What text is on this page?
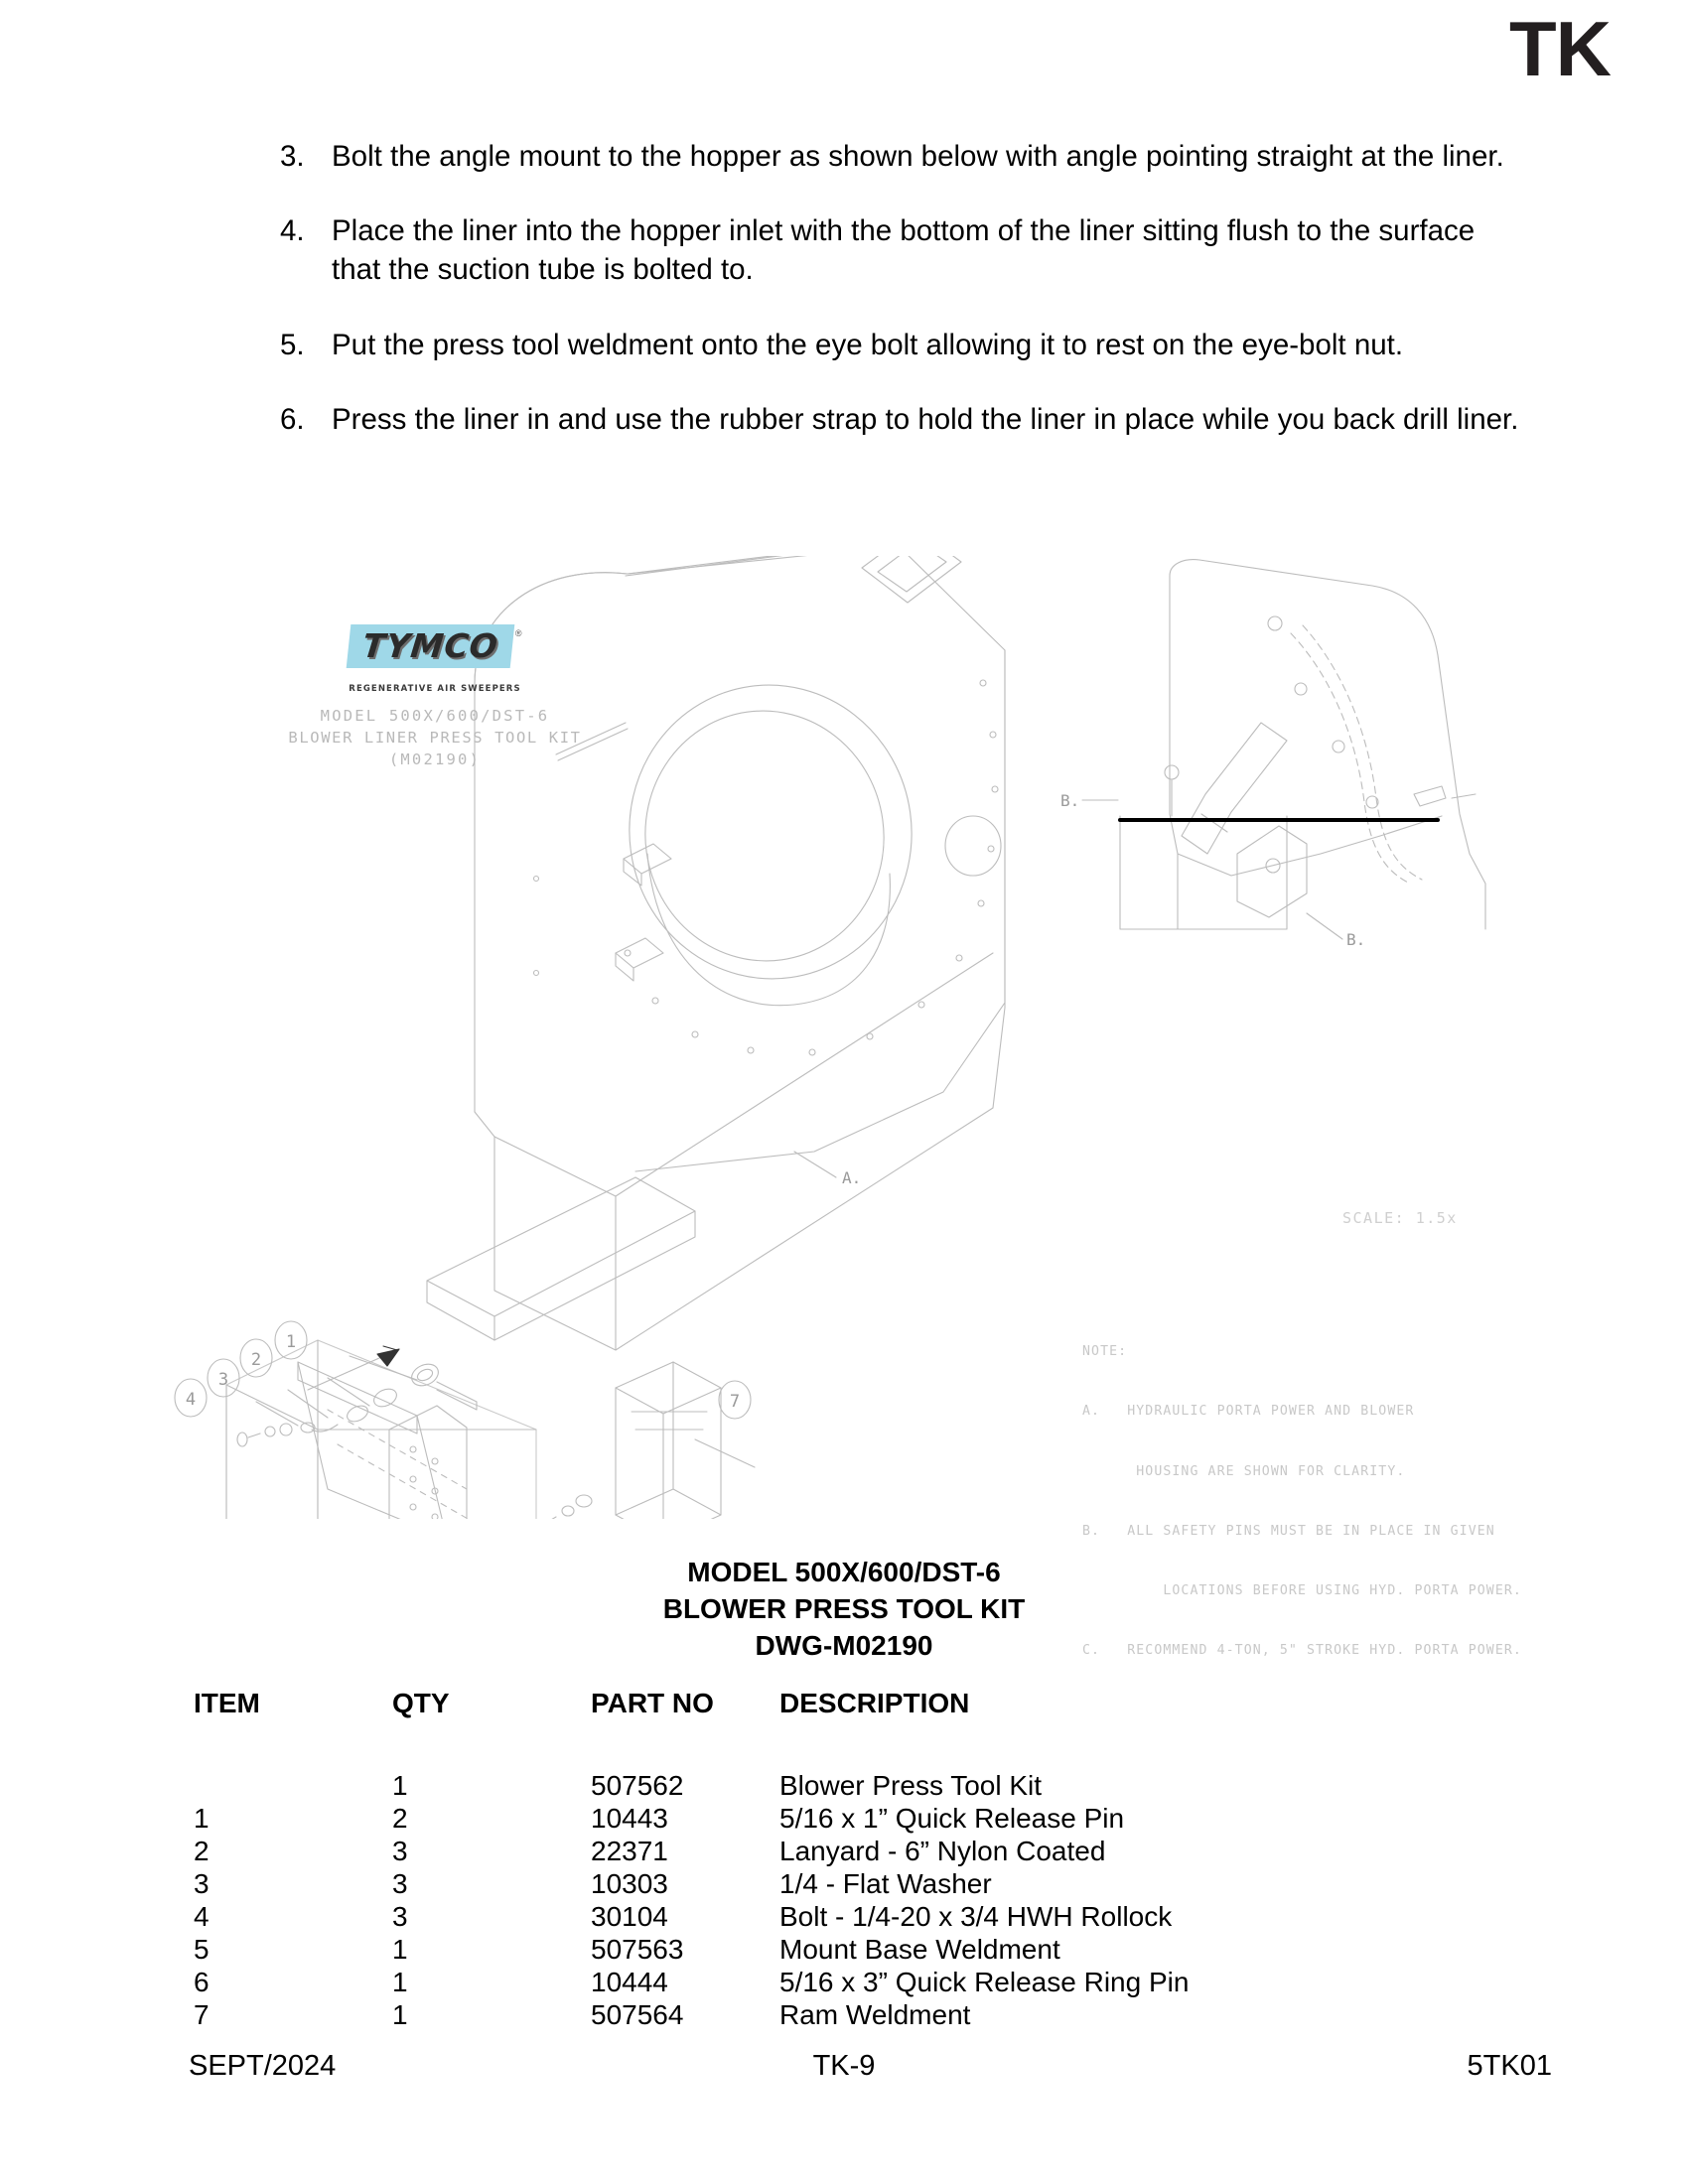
TK
3. Bolt the angle mount to the hopper as shown below with angle pointing straight at the liner.
4. Place the liner into the hopper inlet with the bottom of the liner sitting flush to the surface that the suction tube is bolted to.
5. Put the press tool weldment onto the eye bolt allowing it to rest on the eye-bolt nut.
6. Press the liner in and use the rubber strap to hold the liner in place while you back drill liner.
1
2
3
4	7
A.
B.
B.
TYMCO	®
REGENERATIVE AIR SWEEPERS
MODEL 500X/600/DST-6
BLOWER LINER PRESS TOOL KIT
(M02190)
SCALE: 1.5x

NOTE:

A.   HYDRAULIC PORTA POWER AND BLOWER

HOUSING ARE SHOWN FOR CLARITY.

B.   ALL SAFETY PINS MUST BE IN PLACE IN GIVEN

LOCATIONS BEFORE USING HYD. PORTA POWER.

C.   RECOMMEND 4-TON, 5" STROKE HYD. PORTA POWER.

MODEL 500X/600/DST-6
BLOWER PRESS TOOL KIT
DWG-M02190
ITEM	QTY	PART NO	DESCRIPTION
	1	507562	Blower Press Tool Kit
1	2	10443	5/16 x 1” Quick Release Pin
2	3	22371	Lanyard - 6” Nylon Coated
3	3	10303	1/4 - Flat Washer
4	3	30104	Bolt - 1/4-20 x 3/4 HWH Rollock
5	1	507563	Mount Base Weldment
6	1	10444	5/16 x 3” Quick Release Ring Pin
7	1	507564	Ram Weldment
SEPT/2024	TK-9	5TK01
